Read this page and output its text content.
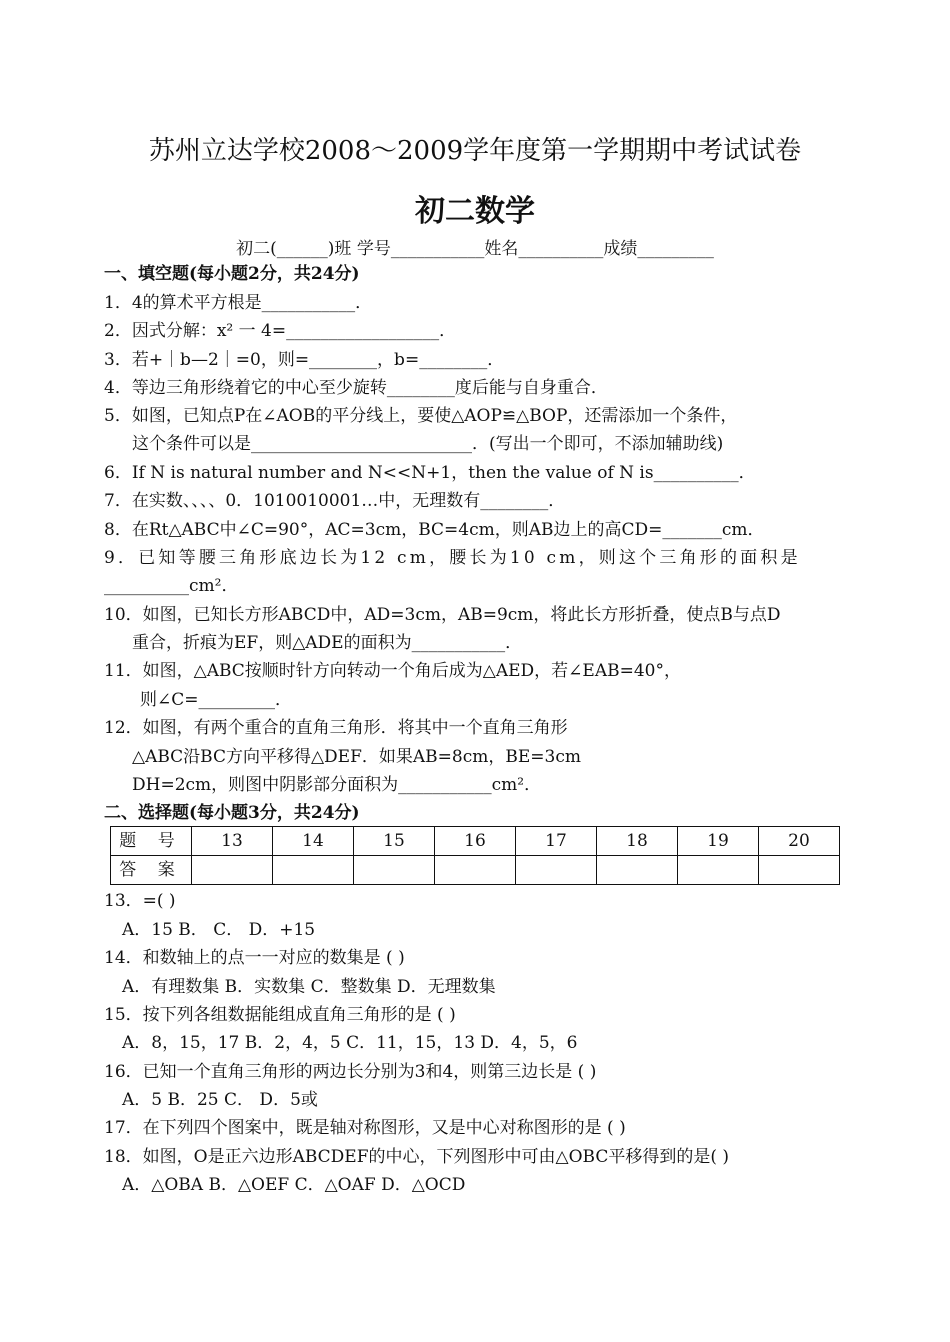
苏州立达学校2008～2009学年度第一学期期中考试试卷
初二数学
初二(______)班 学号___________姓名__________成绩_________
一、填空题(每小题2分，共24分)
1．4的算术平方根是___________．
2．因式分解：x² 一 4=__________________．
3．若+｜b—2｜=0，则=________，b=________．
4．等边三角形绕着它的中心至少旋转________度后能与自身重合．
5．如图，已知点P在∠AOB的平分线上，要使△AOP≌△BOP，还需添加一个条件，
这个条件可以是__________________________．(写出一个即可，不添加辅助线)
6．If N is natural number and N<<N+1，then the value of N is__________．
7．在实数、、、、0．1010010001…中，无理数有________．
8．在Rt△ABC中∠C=90°，AC=3cm，BC=4cm，则AB边上的高CD=_______cm．
9．已知等腰三角形底边长为12 cm，腰长为10 cm，则这个三角形的面积是
__________cm²．
10．如图，已知长方形ABCD中，AD=3cm，AB=9cm，将此长方形折叠，使点B与点D
重合，折痕为EF，则△ADE的面积为___________．
11．如图，△ABC按顺时针方向转动一个角后成为△AED，若∠EAB=40°，
则∠C=_________．
12．如图，有两个重合的直角三角形．将其中一个直角三角形
△ABC沿BC方向平移得△DEF．如果AB=8cm，BE=3cm
DH=2cm，则图中阴影部分面积为___________cm²．
二、选择题(每小题3分，共24分)
题 号	13	14	15	16	17	18	19	20
答 案								
13．=( )
A．15 B． C． D．+15
14．和数轴上的点一一对应的数集是 ( )
A．有理数集 B．实数集 C．整数集 D．无理数集
15．按下列各组数据能组成直角三角形的是 ( )
A．8，15，17 B．2，4，5 C．11，15，13 D．4，5，6
16．已知一个直角三角形的两边长分别为3和4，则第三边长是 ( )
A．5 B．25 C． D．5或
17．在下列四个图案中，既是轴对称图形，又是中心对称图形的是 ( )
18．如图，O是正六边形ABCDEF的中心，下列图形中可由△OBC平移得到的是( )
A．△OBA B．△OEF C．△OAF D．△OCD
